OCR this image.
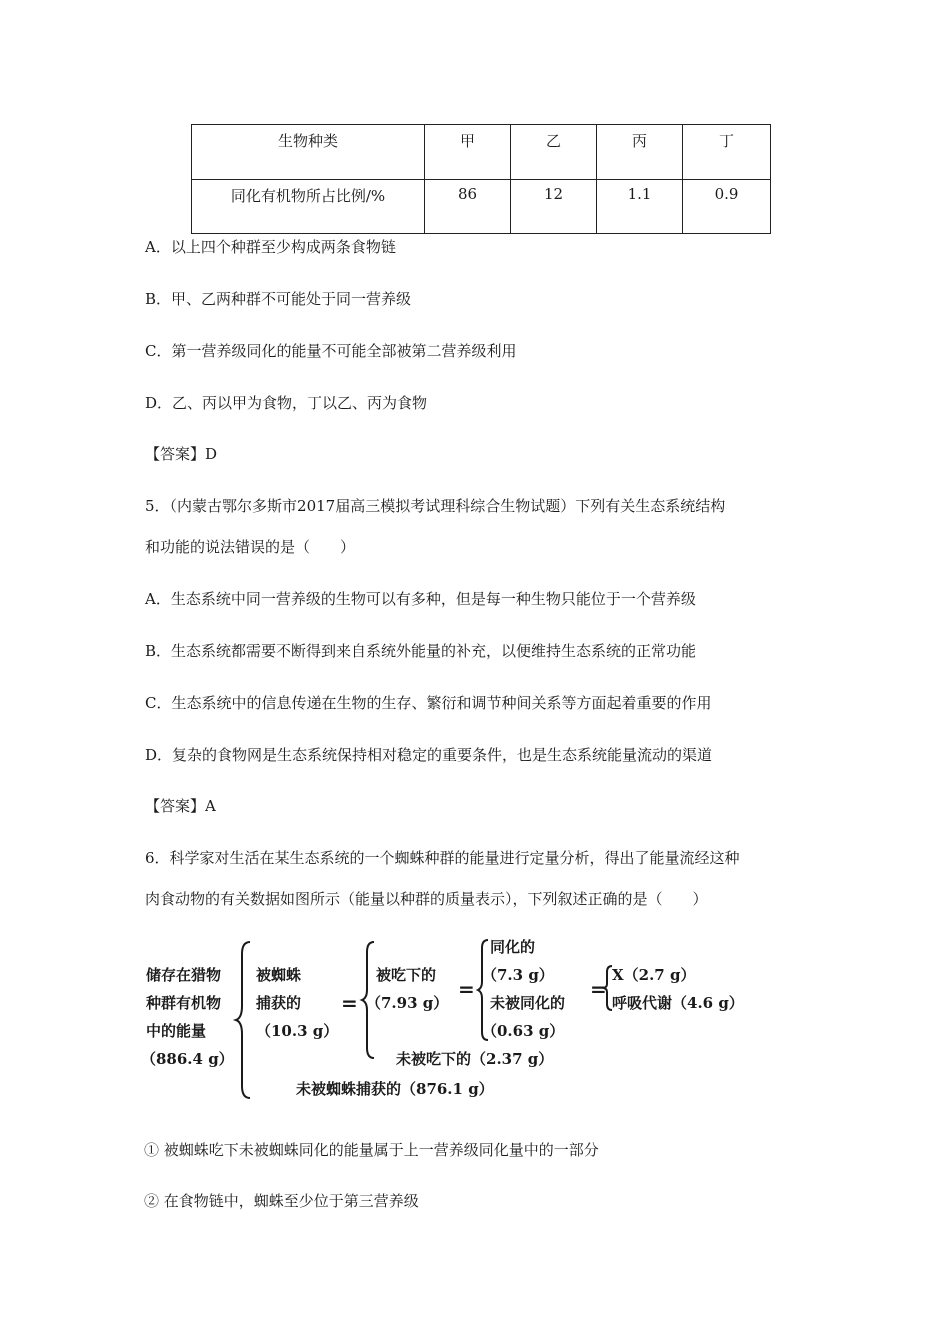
生物种类	甲	乙	丙	丁
同化有机物所占比例/%	86	12	1.1	0.9
A．以上四个种群至少构成两条食物链
B．甲、乙两种群不可能处于同一营养级
C．第一营养级同化的能量不可能全部被第二营养级利用
D．乙、丙以甲为食物，丁以乙、丙为食物
【答案】D
5．（内蒙古鄂尔多斯市2017届高三模拟考试理科综合生物试题）下列有关生态系统结构
和功能的说法错误的是（　　）
A．生态系统中同一营养级的生物可以有多种，但是每一种生物只能位于一个营养级
B．生态系统都需要不断得到来自系统外能量的补充，以便维持生态系统的正常功能
C．生态系统中的信息传递在生物的生存、繁衍和调节种间关系等方面起着重要的作用
D．复杂的食物网是生态系统保持相对稳定的重要条件，也是生态系统能量流动的渠道
【答案】A
6．科学家对生活在某生态系统的一个蜘蛛种群的能量进行定量分析，得出了能量流经这种
肉食动物的有关数据如图所示（能量以种群的质量表示），下列叙述正确的是（　　）
储存在猎物
种群有机物
中的能量
（886.4 g）
被蜘蛛
捕获的
（10.3 g）
未被蜘蛛捕获的（876.1 g）
=
被吃下的
（7.93 g）
未被吃下的（2.37 g）
=
同化的
（7.3 g）
未被同化的
（0.63 g）
=
X（2.7 g）
呼吸代谢（4.6 g）
① 被蜘蛛吃下未被蜘蛛同化的能量属于上一营养级同化量中的一部分
② 在食物链中，蜘蛛至少位于第三营养级
